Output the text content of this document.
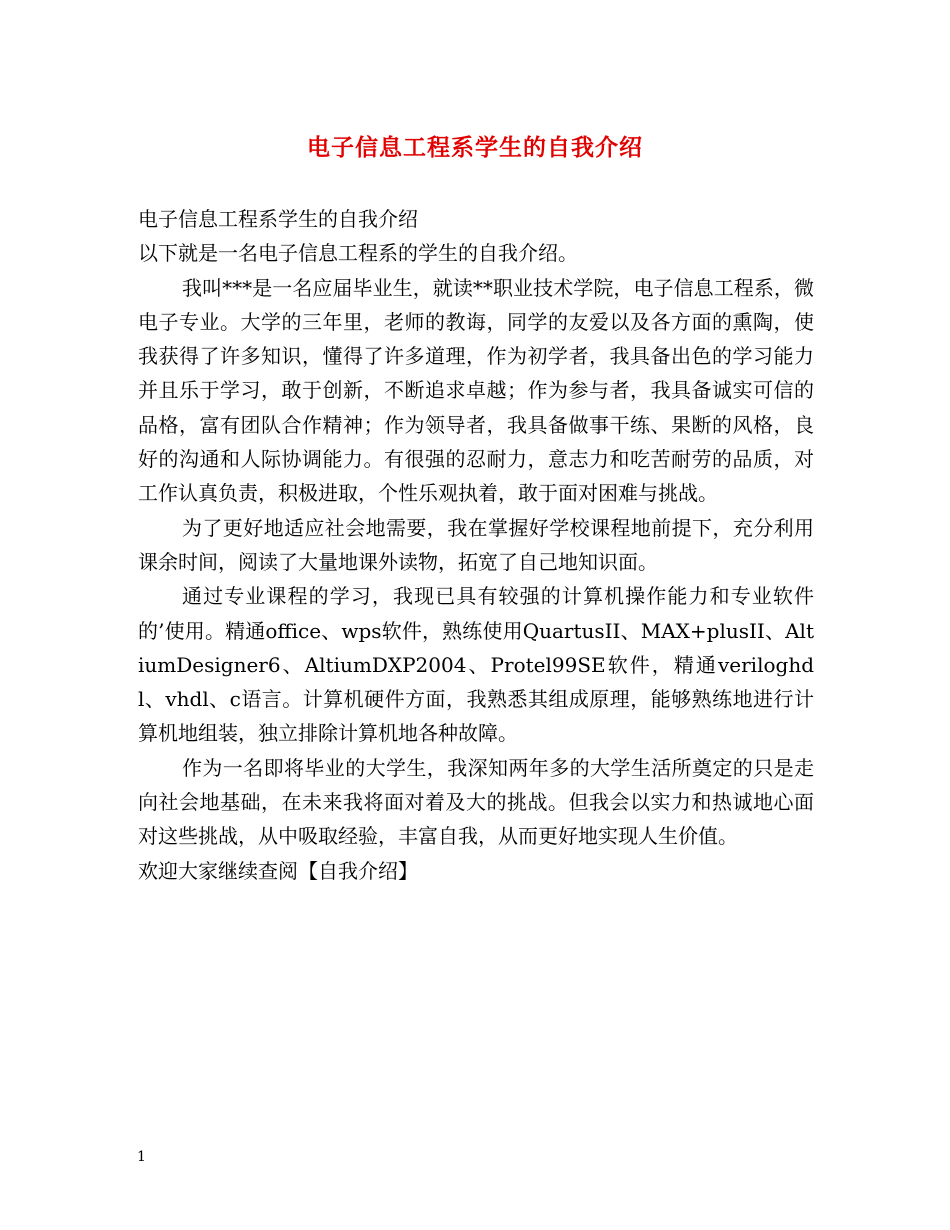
电子信息工程系学生的自我介绍

电子信息工程系学生的自我介绍

以下就是一名电子信息工程系的学生的自我介绍。

我叫***是一名应届毕业生，就读**职业技术学院，电子信息工程系，微电子专业。大学的三年里，老师的教诲，同学的友爱以及各方面的熏陶，使我获得了许多知识，懂得了许多道理，作为初学者，我具备出色的学习能力并且乐于学习，敢于创新，不断追求卓越；作为参与者，我具备诚实可信的品格，富有团队合作精神；作为领导者，我具备做事干练、果断的风格，良好的沟通和人际协调能力。有很强的忍耐力，意志力和吃苦耐劳的品质，对工作认真负责，积极进取，个性乐观执着，敢于面对困难与挑战。

为了更好地适应社会地需要，我在掌握好学校课程地前提下，充分利用课余时间，阅读了大量地课外读物，拓宽了自己地知识面。

通过专业课程的学习，我现已具有较强的计算机操作能力和专业软件的’使用。精通office、wps软件，熟练使用QuartusII、MAX+plusII、AltiumDesigner6、AltiumDXP2004、Protel99SE软件，精通veriloghdl、vhdl、c语言。计算机硬件方面，我熟悉其组成原理，能够熟练地进行计算机地组装，独立排除计算机地各种故障。

作为一名即将毕业的大学生，我深知两年多的大学生活所奠定的只是走向社会地基础，在未来我将面对着及大的挑战。但我会以实力和热诚地心面对这些挑战，从中吸取经验，丰富自我，从而更好地实现人生价值。

欢迎大家继续查阅【自我介绍】

1
